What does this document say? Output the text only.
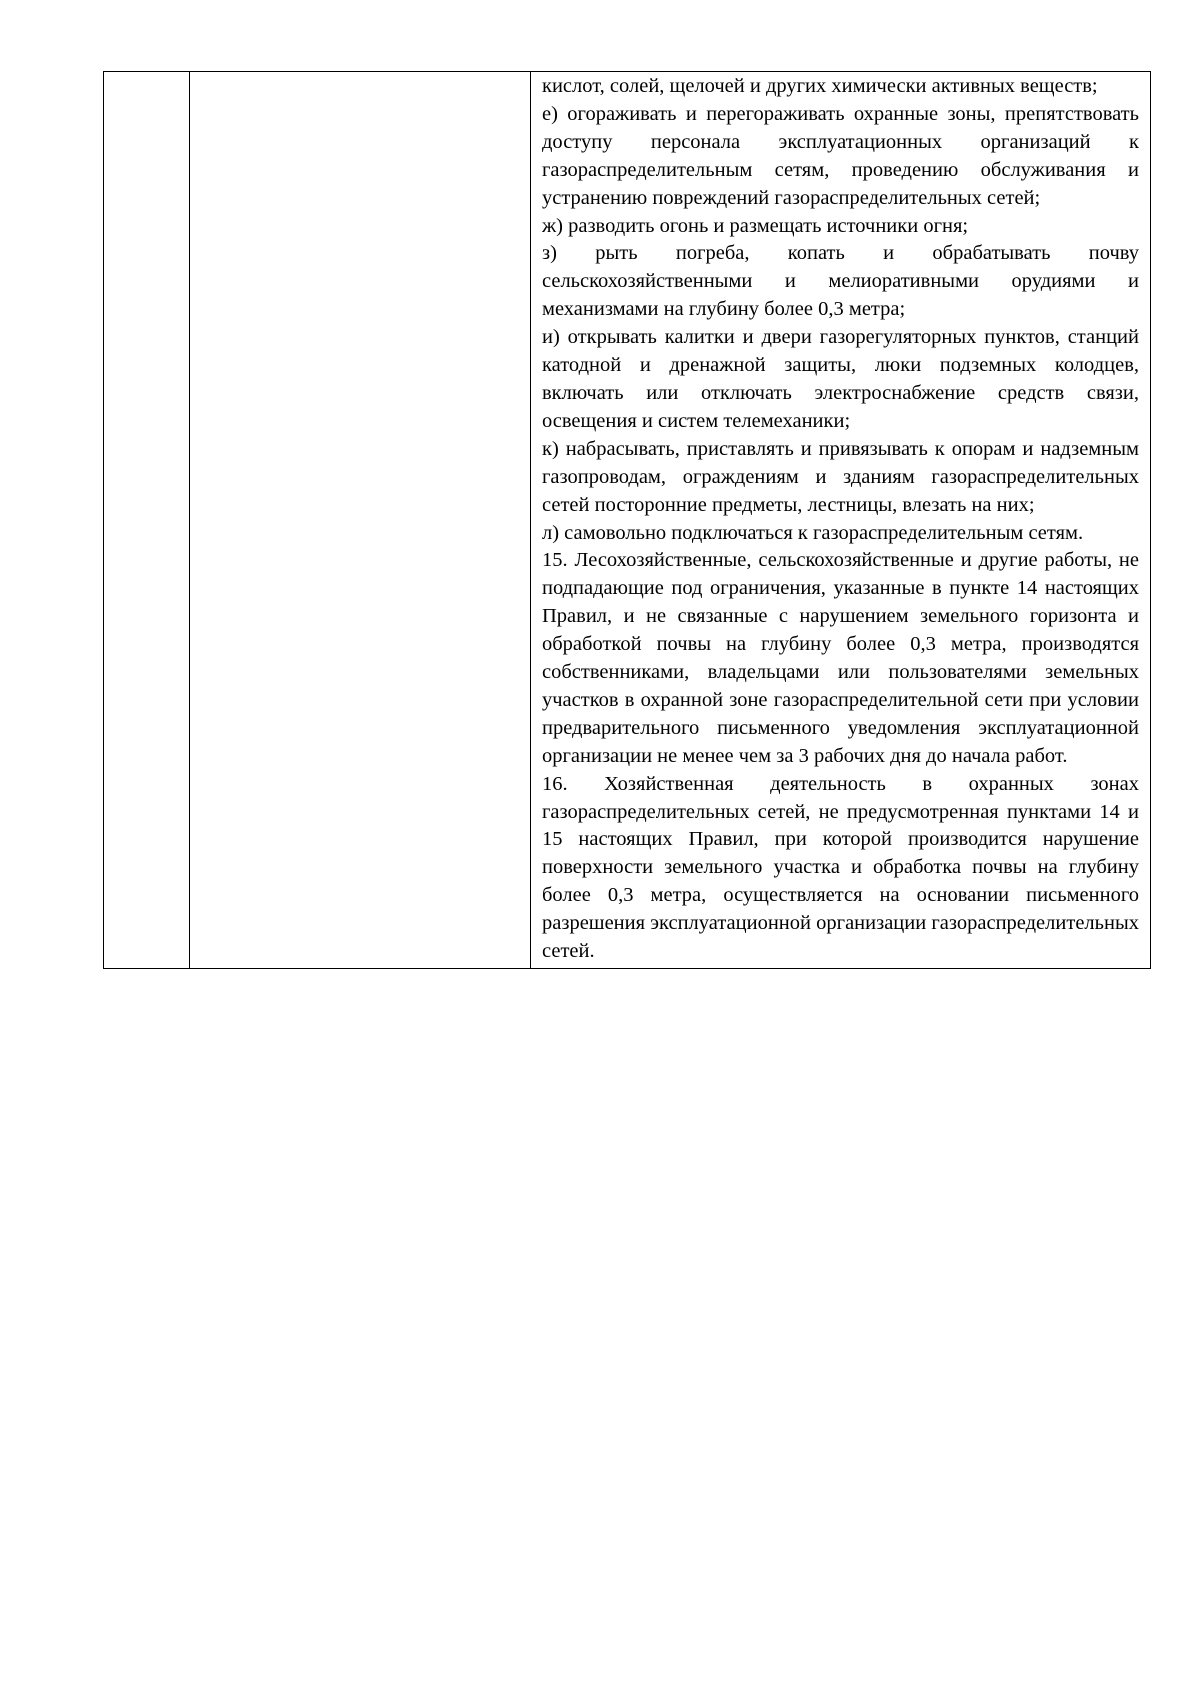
кислот, солей, щелочей и других химически активных веществ;

е) огораживать и перегораживать охранные зоны, препятствовать доступу персонала эксплуатационных организаций к газораспределительным сетям, проведению обслуживания и устранению повреждений газораспределительных сетей;

ж) разводить огонь и размещать источники огня;

з) рыть погреба, копать и обрабатывать почву сельскохозяйственными и мелиоративными орудиями и механизмами на глубину более 0,3 метра;

и) открывать калитки и двери газорегуляторных пунктов, станций катодной и дренажной защиты, люки подземных колодцев, включать или отключать электроснабжение средств связи, освещения и систем телемеханики;

к) набрасывать, приставлять и привязывать к опорам и надземным газопроводам, ограждениям и зданиям газораспределительных сетей посторонние предметы, лестницы, влезать на них;

л) самовольно подключаться к газораспределительным сетям.

15. Лесохозяйственные, сельскохозяйственные и другие работы, не подпадающие под ограничения, указанные в пункте 14 настоящих Правил, и не связанные с нарушением земельного горизонта и обработкой почвы на глубину более 0,3 метра, производятся собственниками, владельцами или пользователями земельных участков в охранной зоне газораспределительной сети при условии предварительного письменного уведомления эксплуатационной организации не менее чем за 3 рабочих дня до начала работ.

16. Хозяйственная деятельность в охранных зонах газораспределительных сетей, не предусмотренная пунктами 14 и 15 настоящих Правил, при которой производится нарушение поверхности земельного участка и обработка почвы на глубину более 0,3 метра, осуществляется на основании письменного разрешения эксплуатационной организации газораспределительных сетей.
